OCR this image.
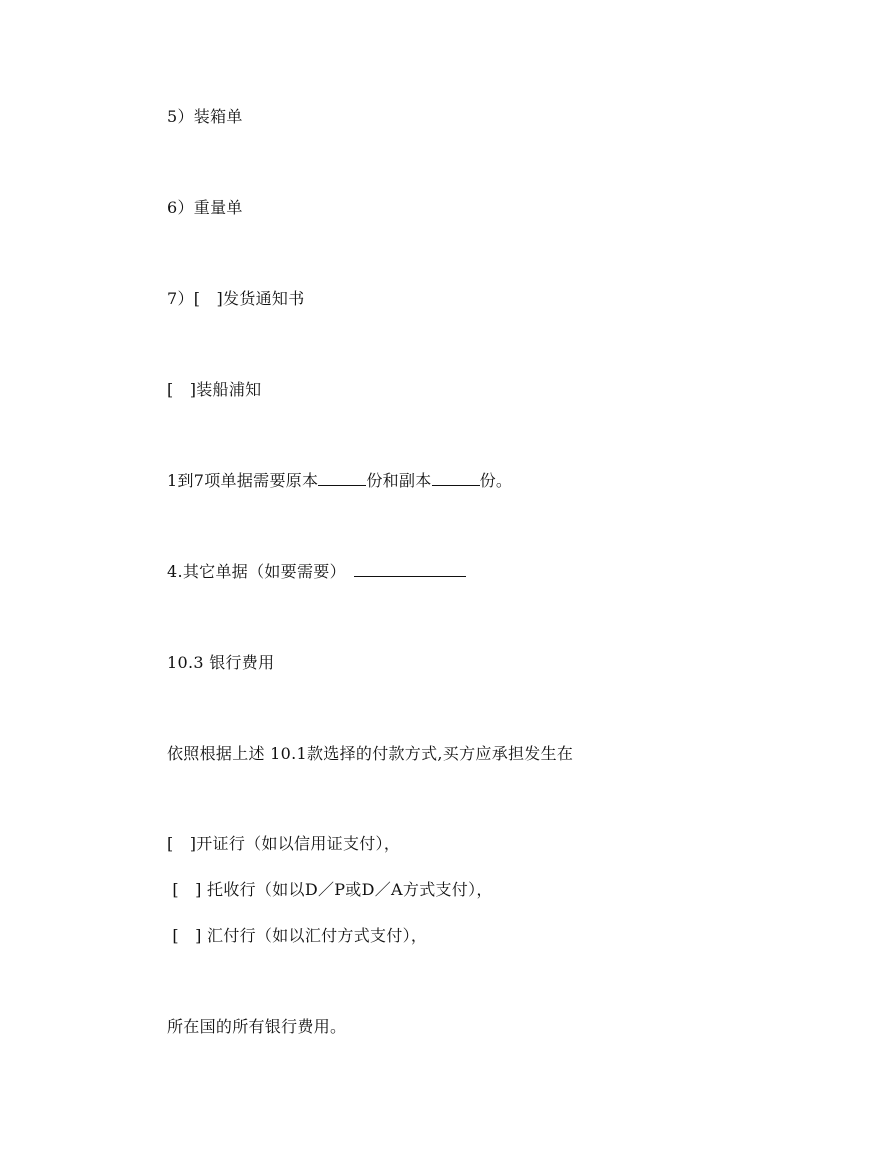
5）装箱单
6）重量单
7）[   ]发货通知书
[   ]装船浦知
1到7项单据需要原本	份和副本	份。
4.其它单据（如要需要）
10.3 银行费用
依照根据上述 10.1款选择的付款方式,买方应承担发生在
[   ]开证行（如以信用证支付），
[   ] 托收行（如以D／P或D／A方式支付），
[   ] 汇付行（如以汇付方式支付），
所在国的所有银行费用。
